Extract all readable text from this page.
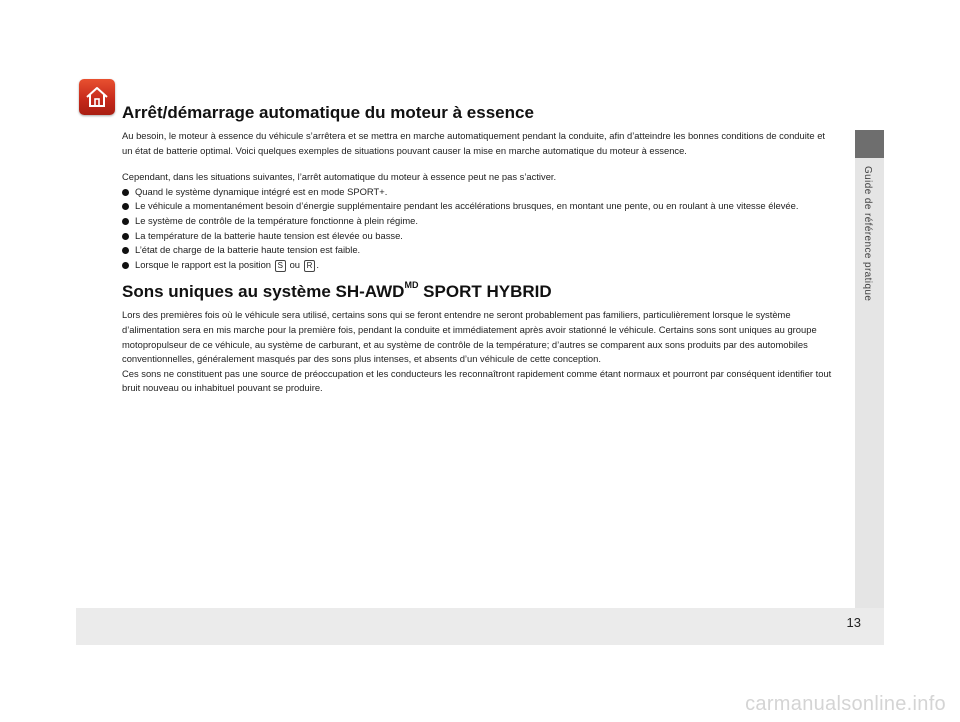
Guide de référence pratique
Arrêt/démarrage automatique du moteur à essence

Au besoin, le moteur à essence du véhicule s’arrêtera et se mettra en marche automatiquement pendant la conduite, afin d’atteindre les bonnes conditions de conduite et un état de batterie optimal. Voici quelques exemples de situations pouvant causer la mise en marche automatique du moteur à essence.

Cependant, dans les situations suivantes, l’arrêt automatique du moteur à essence peut ne pas s’activer.

Quand le système dynamique intégré est en mode SPORT+.
Le véhicule a momentanément besoin d’énergie supplémentaire pendant les accélérations brusques, en montant une pente, ou en roulant à une vitesse élevée.
Le système de contrôle de la température fonctionne à plein régime.
La température de la batterie haute tension est élevée ou basse.
L’état de charge de la batterie haute tension est faible.
Lorsque le rapport est la position S ou R .
Sons uniques au système $SH-AWD^{MD}$ SPORT HYBRID

Lors des premières fois où le véhicule sera utilisé, certains sons qui se feront entendre ne seront probablement pas familiers, particulièrement lorsque le système d’alimentation sera en mis marche pour la première fois, pendant la conduite et immédiatement après avoir stationné le véhicule. Certains sons sont uniques au groupe motopropulseur de ce véhicule, au système de carburant, et au système de contrôle de la température; d’autres se comparent aux sons produits par des automobiles conventionnelles, généralement masqués par des sons plus intenses, et absents d’un véhicule de cette conception.

Ces sons ne constituent pas une source de préoccupation et les conducteurs les reconnaîtront rapidement comme étant normaux et pourront par conséquent identifier tout bruit nouveau ou inhabituel pouvant se produire.

13
carmanualsonline.info
